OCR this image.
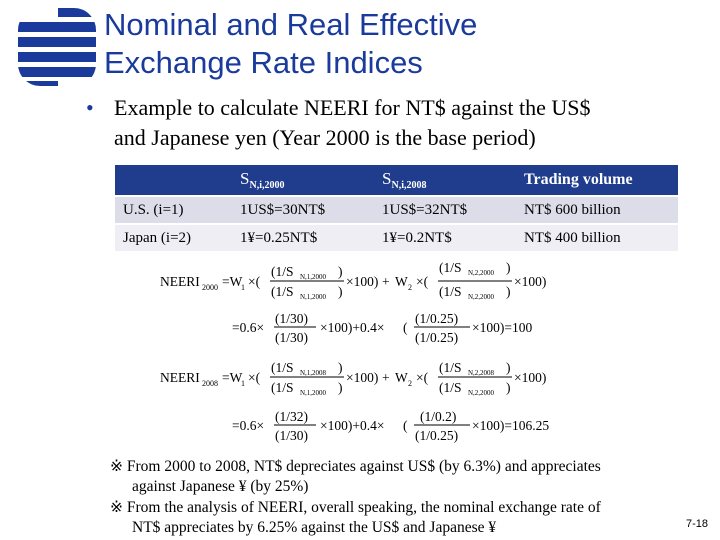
Nominal and Real Effective
Exchange Rate Indices
• Example to calculate NEERI for NT$ against the US$
and Japanese yen (Year 2000 is the base period)
	$S_{N,i,2000}$	$S_{N,i,2008}$	Trading volume
U.S. (i=1)	1US$=30NT$	1US$=32NT$	NT$ 600 billion
Japan (i=2)	1¥=0.25NT$	1¥=0.2NT$	NT$ 400 billion
NEERI 2000 =W
1 ×(
(1/S N,1,2000 )
(1/S N,1,2000 )
×100) + W 2 ×(
(1/S N,2,2000 )
(1/S N,2,2000 )
×100)
=0.6×
(1/30)
(1/30)
×100)+0.4× (
(1/0.25)
(1/0.25)
×100)=100
NEERI 2008 =W
1 ×(
(1/S N,1,2008 )
(1/S N,1,2000 )
×100) + W 2 ×(
(1/S N,2,2008 )
(1/S N,2,2000 )
×100)
=0.6×
(1/32)
(1/30)
×100)+0.4× (
(1/0.2)
(1/0.25)
×100)=106.25
※ From 2000 to 2008, NT$ depreciates against US$ (by 6.3%) and appreciates
against Japanese ¥ (by 25%)
※ From the analysis of NEERI, overall speaking, the nominal exchange rate of
NT$ appreciates by 6.25% against the US$ and Japanese ¥	7-18
